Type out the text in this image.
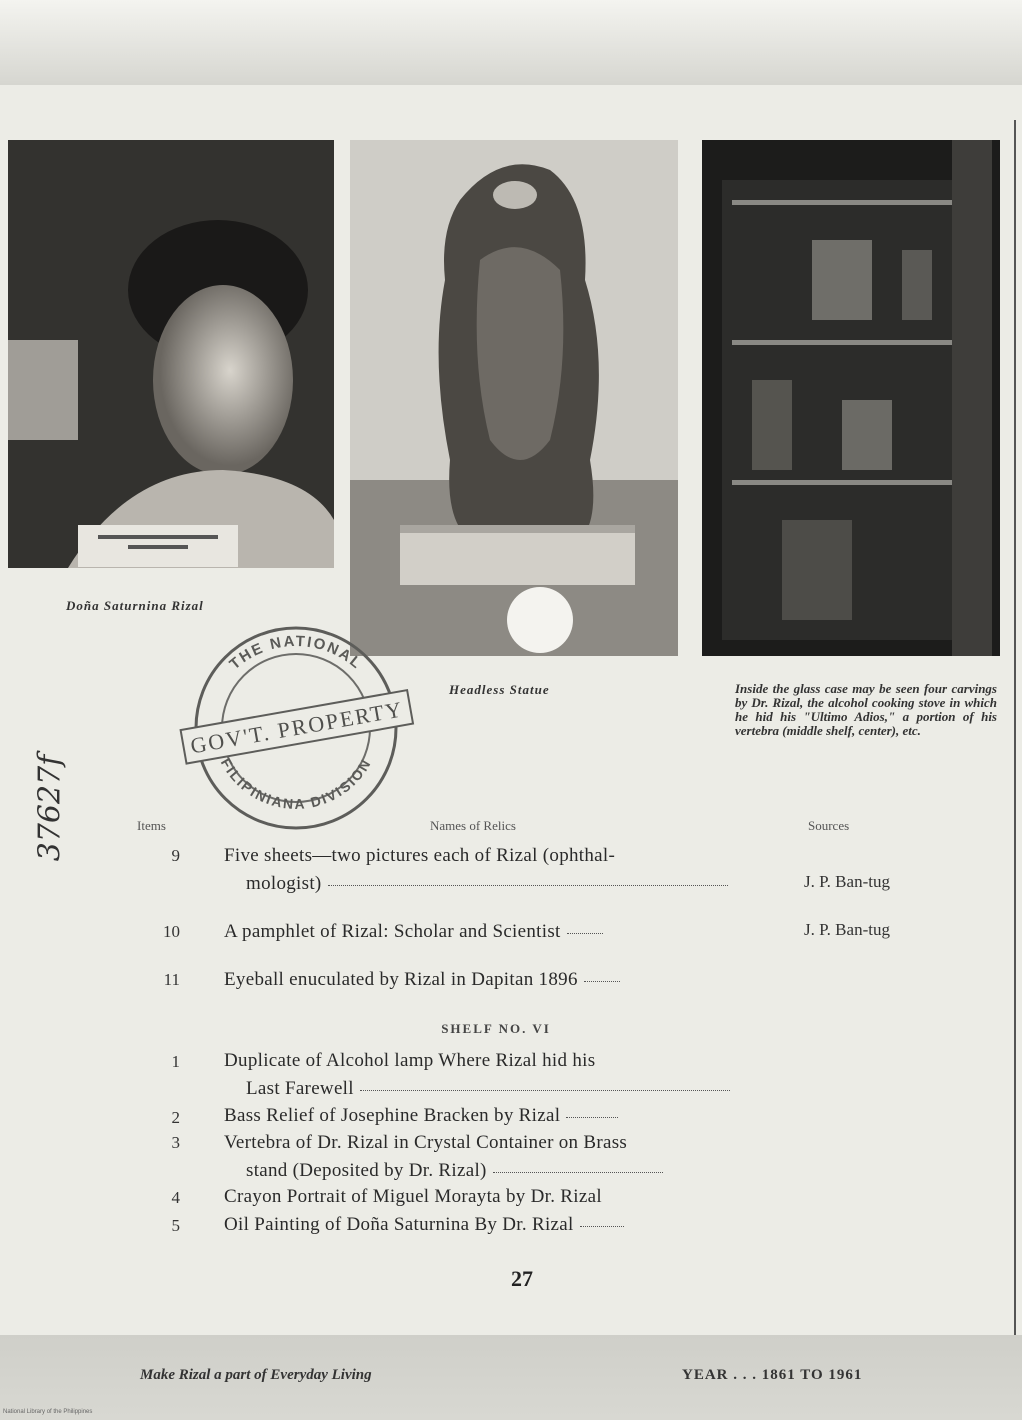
Doña Saturnina Rizal
Headless Statue	Inside the glass case may be seen four carvings by Dr. Rizal, the alcohol cooking stove in which he hid his "Ultimo Adios," a portion of his vertebra (middle shelf, center), etc.
THE NATIONAL
FILIPINIANA DIVISION
GOV'T. PROPERTY
37627f	Items	Names of Relics	Sources
9 Five sheets—two pictures each of Rizal (ophthal-
mologist)	J. P. Ban-tug
10 A pamphlet of Rizal: Scholar and Scientist	J. P. Ban-tug
11 Eyeball enuculated by Rizal in Dapitan 1896
SHELF NO. VI
1 Duplicate of Alcohol lamp Where Rizal hid his
Last Farewell
2 Bass Relief of Josephine Bracken by Rizal
3 Vertebra of Dr. Rizal in Crystal Container on Brass
stand (Deposited by Dr. Rizal)
4 Crayon Portrait of Miguel Morayta by Dr. Rizal
5 Oil Painting of Doña Saturnina By Dr. Rizal
27
Make Rizal a part of Everyday Living	YEAR . . . 1861 TO 1961
National Library of the Philippines
